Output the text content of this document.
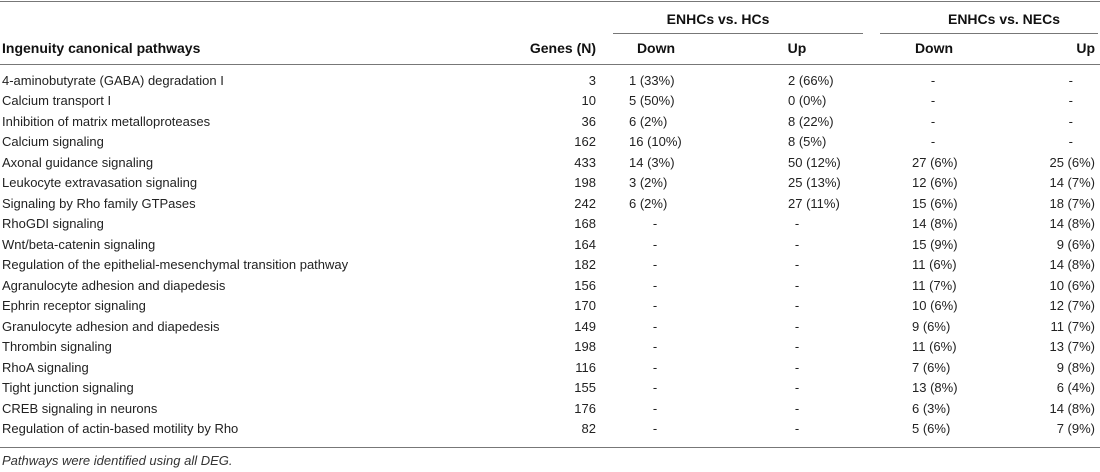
ENHCs vs. HCs	ENHCs vs. NECs
Ingenuity canonical pathways	Genes (N)	Down	Up	Down	Up
4-aminobutyrate (GABA) degradation I	3	1 (33%)	2 (66%)	-	-
Calcium transport I	10	5 (50%)	0 (0%)	-	-
Inhibition of matrix metalloproteases	36	6 (2%)	8 (22%)	-	-
Calcium signaling	162	16 (10%)	8 (5%)	-	-
Axonal guidance signaling	433	14 (3%)	50 (12%)	27 (6%)	25 (6%)
Leukocyte extravasation signaling	198	3 (2%)	25 (13%)	12 (6%)	14 (7%)
Signaling by Rho family GTPases	242	6 (2%)	27 (11%)	15 (6%)	18 (7%)
RhoGDI signaling	168	-	-	14 (8%)	14 (8%)
Wnt/beta-catenin signaling	164	-	-	15 (9%)	9 (6%)
Regulation of the epithelial-mesenchymal transition pathway	182	-	-	11 (6%)	14 (8%)
Agranulocyte adhesion and diapedesis	156	-	-	11 (7%)	10 (6%)
Ephrin receptor signaling	170	-	-	10 (6%)	12 (7%)
Granulocyte adhesion and diapedesis	149	-	-	9 (6%)	11 (7%)
Thrombin signaling	198	-	-	11 (6%)	13 (7%)
RhoA signaling	116	-	-	7 (6%)	9 (8%)
Tight junction signaling	155	-	-	13 (8%)	6 (4%)
CREB signaling in neurons	176	-	-	6 (3%)	14 (8%)
Regulation of actin-based motility by Rho	82	-	-	5 (6%)	7 (9%)
Pathways were identified using all DEG.
